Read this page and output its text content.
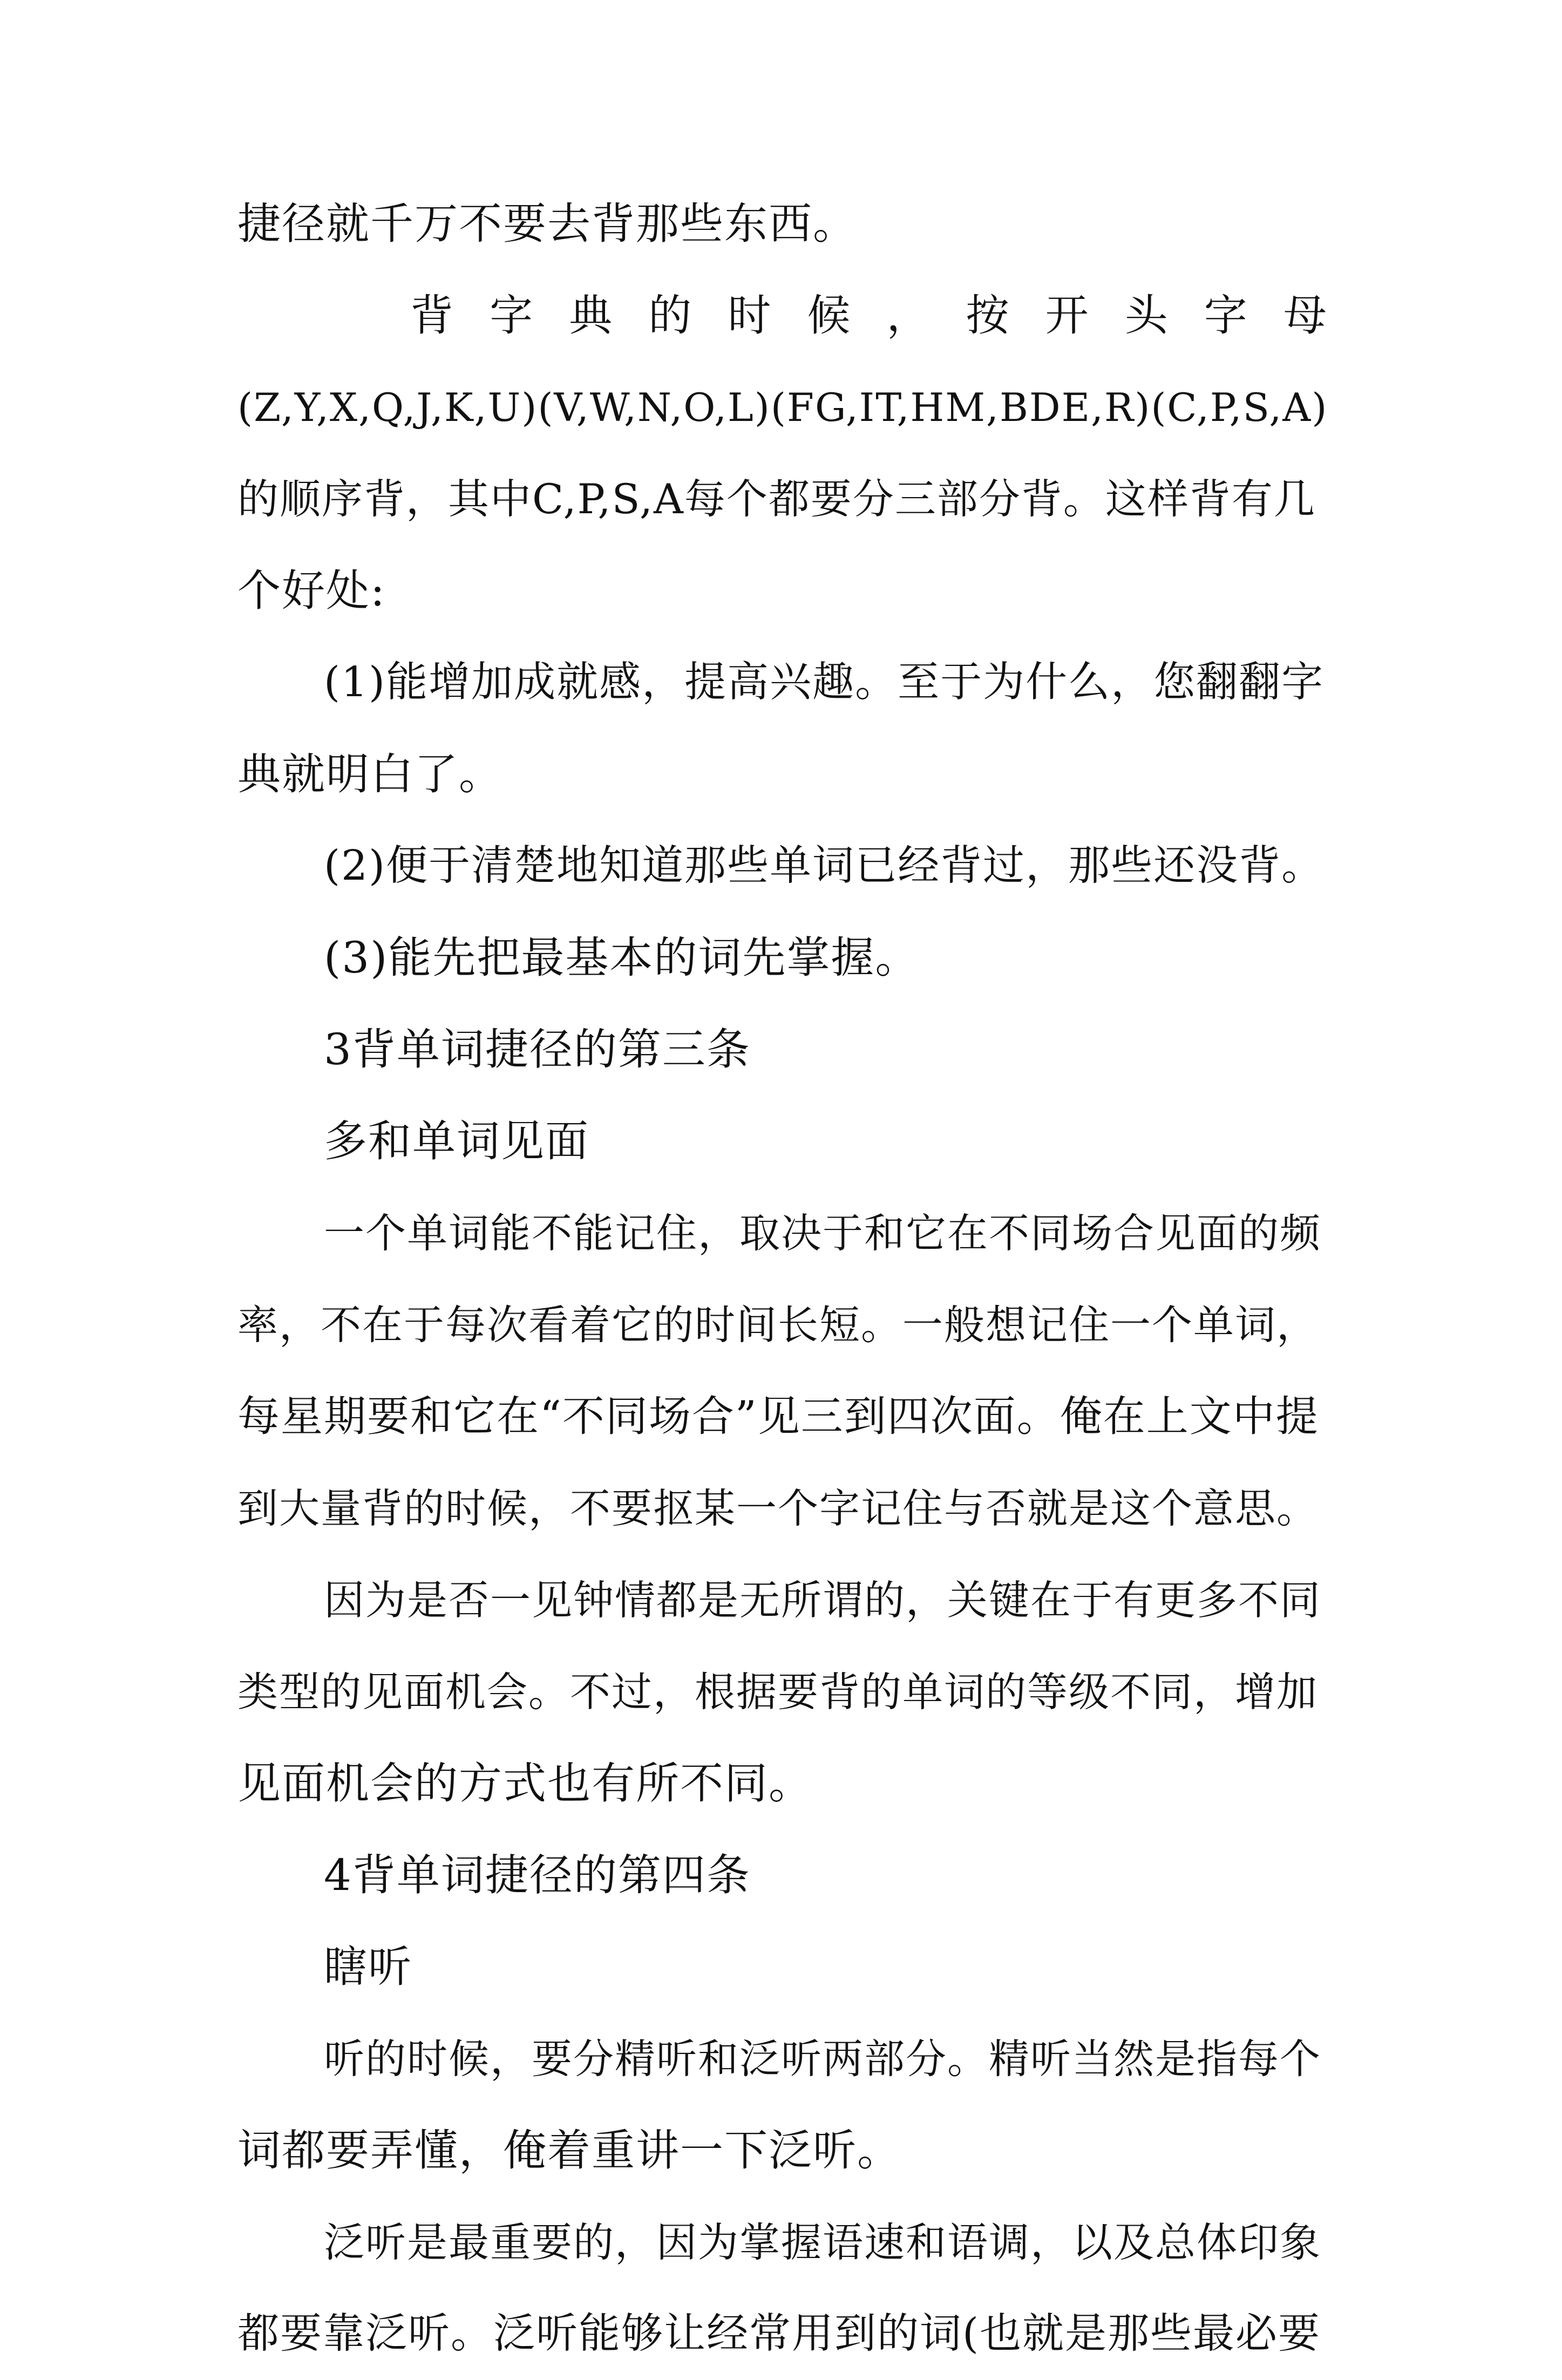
捷径就千万不要去背那些东西。
背 字 典 的 时 候 ， 按 开 头 字 母
(Z,Y,X,Q,J,K,U)(V,W,N,O,L)(FG,IT,HM,BDE,R)(C,P,S,A)
的顺序背，其中C,P,S,A每个都要分三部分背。这样背有几
个好处:
(1)能增加成就感，提高兴趣。至于为什么，您翻翻字
典就明白了。
(2)便于清楚地知道那些单词已经背过，那些还没背。
(3)能先把最基本的词先掌握。
3背单词捷径的第三条
多和单词见面
一个单词能不能记住，取决于和它在不同场合见面的频
率，不在于每次看着它的时间长短。一般想记住一个单词，
每星期要和它在“不同场合”见三到四次面。俺在上文中提
到大量背的时候，不要抠某一个字记住与否就是这个意思。
因为是否一见钟情都是无所谓的，关键在于有更多不同
类型的见面机会。不过，根据要背的单词的等级不同，增加
见面机会的方式也有所不同。
4背单词捷径的第四条
瞎听
听的时候，要分精听和泛听两部分。精听当然是指每个
词都要弄懂，俺着重讲一下泛听。
泛听是最重要的，因为掌握语速和语调，以及总体印象
都要靠泛听。泛听能够让经常用到的词(也就是那些最必要
